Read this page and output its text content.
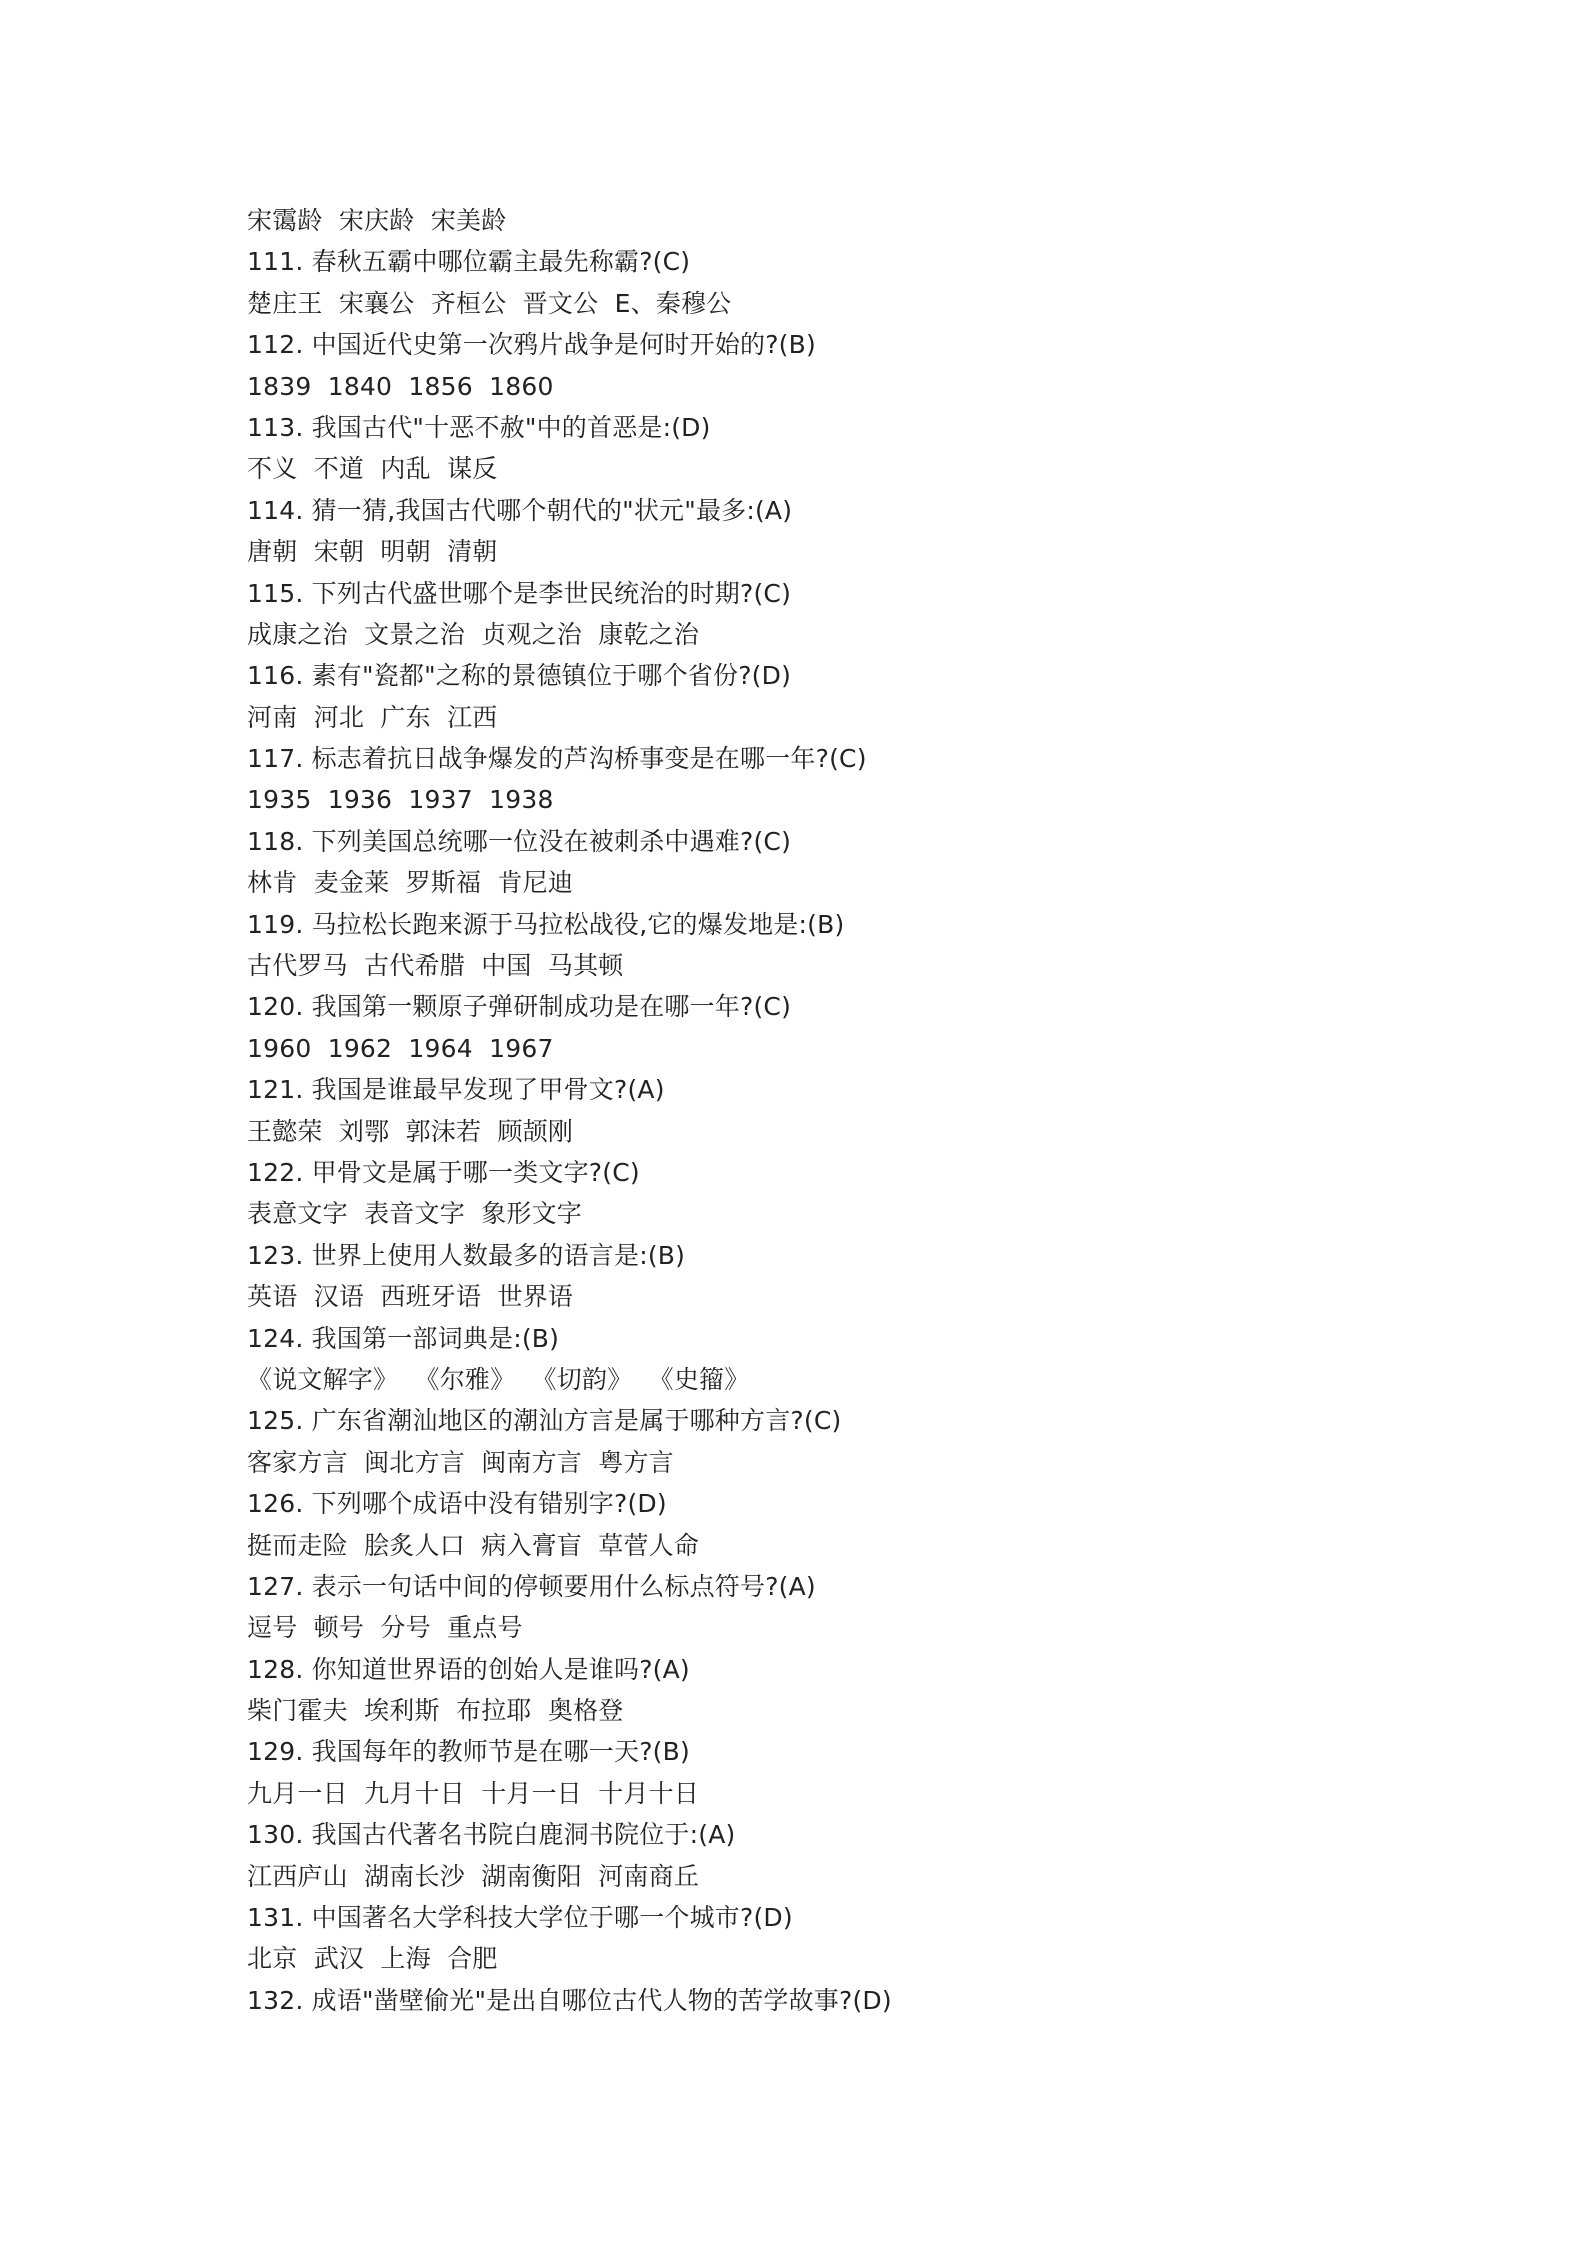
宋霭龄  宋庆龄  宋美龄
111. 春秋五霸中哪位霸主最先称霸?(C)
楚庄王  宋襄公  齐桓公  晋文公  E、秦穆公
112. 中国近代史第一次鸦片战争是何时开始的?(B)
1839  1840  1856  1860
113. 我国古代"十恶不赦"中的首恶是:(D)
不义  不道  内乱  谋反
114. 猜一猜,我国古代哪个朝代的"状元"最多:(A)
唐朝  宋朝  明朝  清朝
115. 下列古代盛世哪个是李世民统治的时期?(C)
成康之治  文景之治  贞观之治  康乾之治
116. 素有"瓷都"之称的景德镇位于哪个省份?(D)
河南  河北  广东  江西
117. 标志着抗日战争爆发的芦沟桥事变是在哪一年?(C)
1935  1936  1937  1938
118. 下列美国总统哪一位没在被刺杀中遇难?(C)
林肯  麦金莱  罗斯福  肯尼迪
119. 马拉松长跑来源于马拉松战役,它的爆发地是:(B)
古代罗马  古代希腊  中国  马其顿
120. 我国第一颗原子弹研制成功是在哪一年?(C)
1960  1962  1964  1967
121. 我国是谁最早发现了甲骨文?(A)
王懿荣  刘鄂  郭沫若  顾颉刚
122. 甲骨文是属于哪一类文字?(C)
表意文字  表音文字  象形文字
123. 世界上使用人数最多的语言是:(B)
英语  汉语  西班牙语  世界语
124. 我国第一部词典是:(B)
《说文解字》  《尔雅》  《切韵》  《史籀》
125. 广东省潮汕地区的潮汕方言是属于哪种方言?(C)
客家方言  闽北方言  闽南方言  粤方言
126. 下列哪个成语中没有错别字?(D)
挺而走险  脍炙人口  病入膏盲  草菅人命
127. 表示一句话中间的停顿要用什么标点符号?(A)
逗号  顿号  分号  重点号
128. 你知道世界语的创始人是谁吗?(A)
柴门霍夫  埃利斯  布拉耶  奥格登
129. 我国每年的教师节是在哪一天?(B)
九月一日  九月十日  十月一日  十月十日
130. 我国古代著名书院白鹿洞书院位于:(A)
江西庐山  湖南长沙  湖南衡阳  河南商丘
131. 中国著名大学科技大学位于哪一个城市?(D)
北京  武汉  上海  合肥
132. 成语"凿壁偷光"是出自哪位古代人物的苦学故事?(D)
